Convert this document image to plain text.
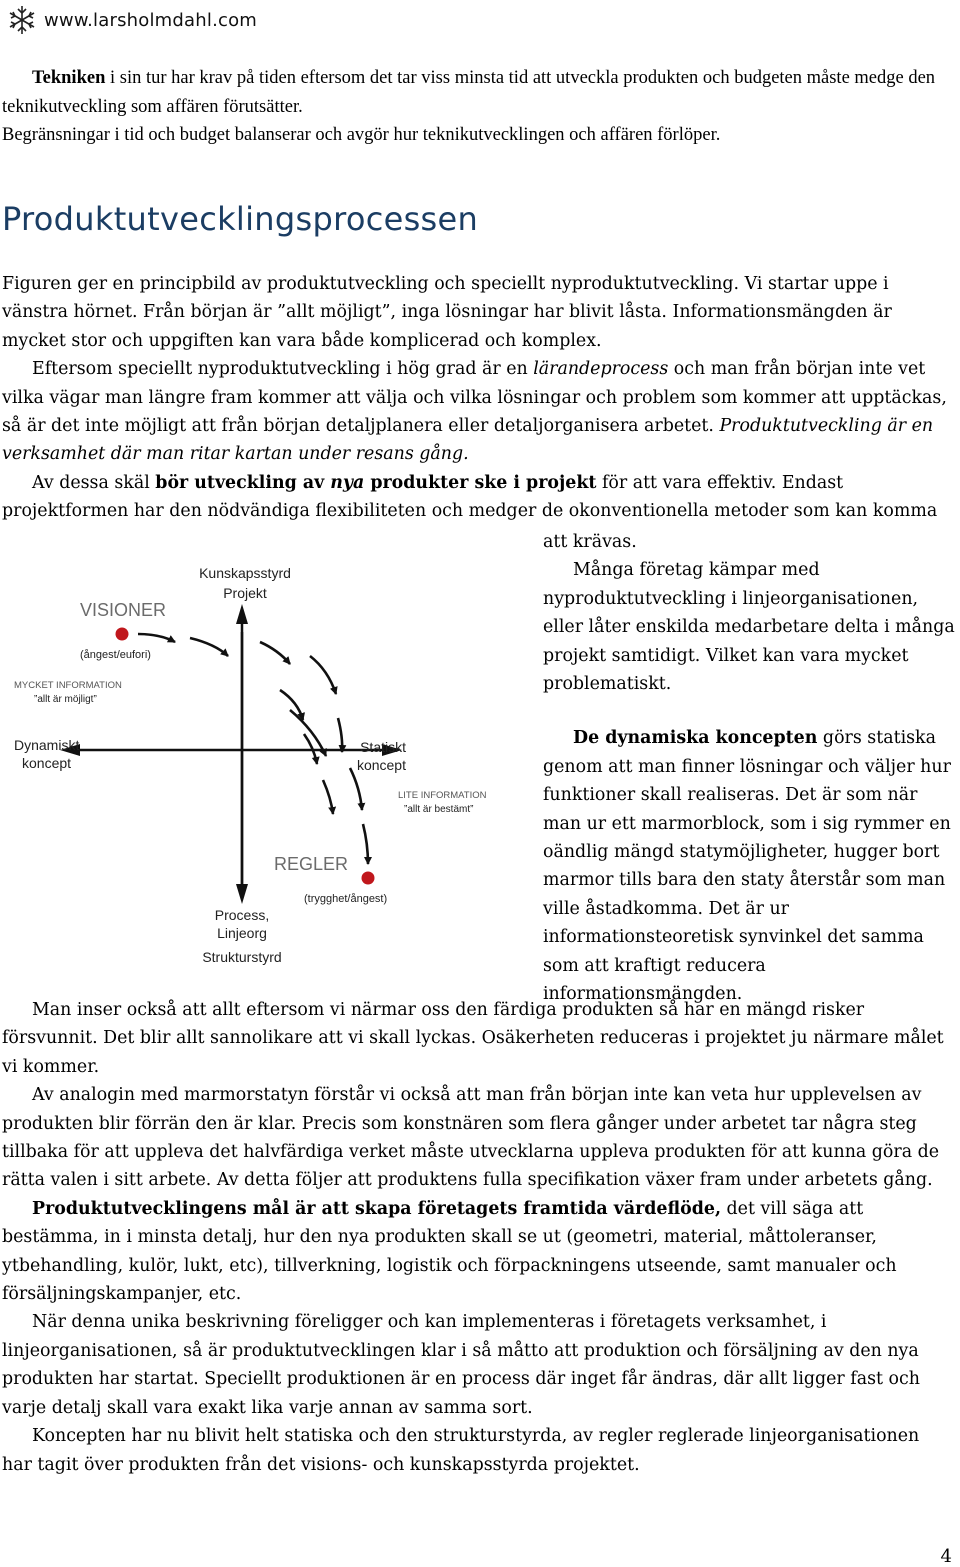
www.larsholmdahl.com

Tekniken i sin tur har krav på tiden eftersom det tar viss minsta tid att utveckla produkten och budgeten måste medge den teknikutveckling som affären förutsätter.

Begränsningar i tid och budget balanserar och avgör hur teknikutvecklingen och affären förlöper.

Produktutvecklingsprocessen

Figuren ger en principbild av produktutveckling och speciellt nyproduktutveckling. Vi startar uppe i vänstra hörnet. Från början är ”allt möjligt”, inga lösningar har blivit låsta. Informationsmängden är mycket stor och uppgiften kan vara både komplicerad och komplex.

Eftersom speciellt nyproduktutveckling i hög grad är en lärandeprocess och man från början inte vet vilka vägar man längre fram kommer att välja och vilka lösningar och problem som kommer att upptäckas, så är det inte möjligt att från början detaljplanera eller detaljorganisera arbetet. Produktutveckling är en verksamhet där man ritar kartan under resans gång.

Av dessa skäl bör utveckling av nya produkter ske i projekt för att vara effektiv. Endast projektformen har den nödvändiga flexibiliteten och medger de okonventionella metoder som kan komma

att krävas.

Många företag kämpar med nyproduktutveckling i linjeorganisationen, eller låter enskilda medarbetare delta i många projekt samtidigt. Vilket kan vara mycket problematiskt.

De dynamiska koncepten görs statiska genom att man finner lösningar och väljer hur funktioner skall realiseras. Det är som när man ur ett marmorblock, som i sig rymmer en oändlig mängd statymöjligheter, hugger bort marmor tills bara den staty återstår som man ville åstadkomma. Det är ur informationsteoretisk synvinkel det samma som att kraftigt reducera informationsmängden.

Kunskapsstyrd
Projekt
VISIONER
(ångest/eufori)
MYCKET INFORMATION
”allt är möjligt”
Dynamiskt
koncept
Statiskt
koncept
LITE INFORMATION
”allt är bestämt”
REGLER
(trygghet/ångest)
Process,
Linjeorg
Strukturstyrd

Man inser också att allt eftersom vi närmar oss den färdiga produkten så har en mängd risker försvunnit. Det blir allt sannolikare att vi skall lyckas. Osäkerheten reduceras i projektet ju närmare målet vi kommer.

Av analogin med marmorstatyn förstår vi också att man från början inte kan veta hur upplevelsen av produkten blir förrän den är klar. Precis som konstnären som flera gånger under arbetet tar några steg tillbaka för att uppleva det halvfärdiga verket måste utvecklarna uppleva produkten för att kunna göra de rätta valen i sitt arbete. Av detta följer att produktens fulla specifikation växer fram under arbetets gång.

Produktutvecklingens mål är att skapa företagets framtida värdeflöde, det vill säga att bestämma, in i minsta detalj, hur den nya produkten skall se ut (geometri, material, måttoleranser, ytbehandling, kulör, lukt, etc), tillverkning, logistik och förpackningens utseende, samt manualer och försäljningskampanjer, etc.

När denna unika beskrivning föreligger och kan implementeras i företagets verksamhet, i linjeorganisationen, så är produktutvecklingen klar i så måtto att produktion och försäljning av den nya produkten har startat. Speciellt produktionen är en process där inget får ändras, där allt ligger fast och varje detalj skall vara exakt lika varje annan av samma sort.

Koncepten har nu blivit helt statiska och den strukturstyrda, av regler reglerade linjeorganisationen har tagit över produkten från det visions- och kunskapsstyrda projektet.

4
